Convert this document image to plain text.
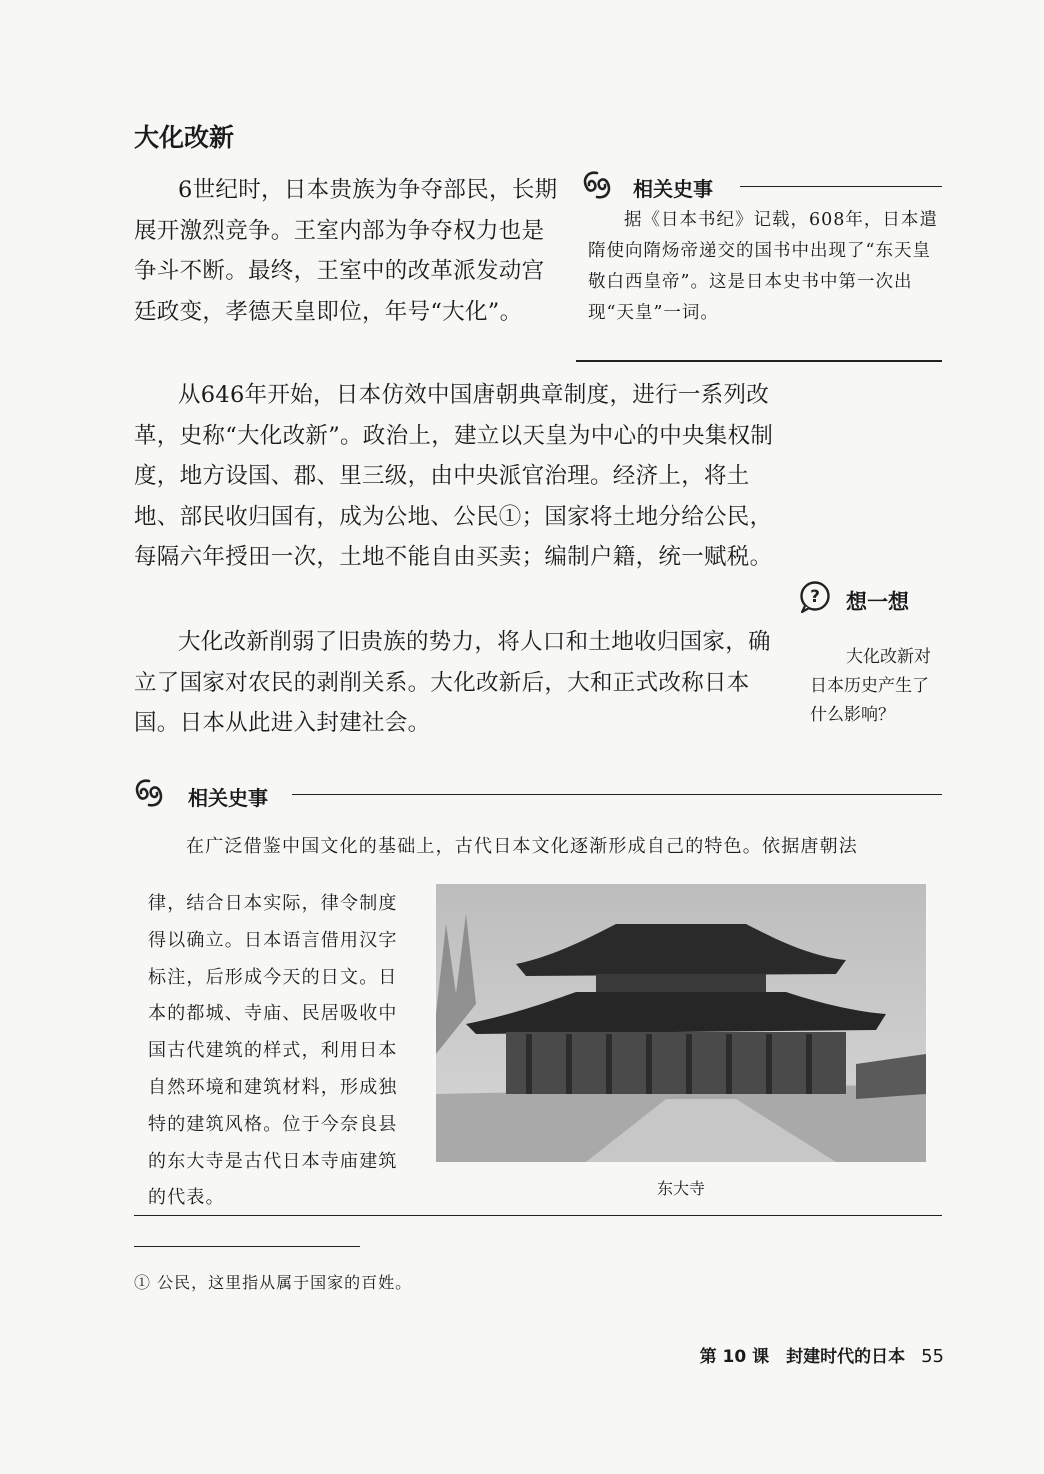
大化改新

6世纪时，日本贵族为争夺部民，长期展开激烈竞争。王室内部为争夺权力也是争斗不断。最终，王室中的改革派发动宫廷政变，孝德天皇即位，年号“大化”。

从646年开始，日本仿效中国唐朝典章制度，进行一系列改革，史称“大化改新”。政治上，建立以天皇为中心的中央集权制度，地方设国、郡、里三级，由中央派官治理。经济上，将土地、部民收归国有，成为公地、公民①；国家将土地分给公民，每隔六年授田一次，土地不能自由买卖；编制户籍，统一赋税。

大化改新削弱了旧贵族的势力，将人口和土地收归国家，确立了国家对农民的剥削关系。大化改新后，大和正式改称日本国。日本从此进入封建社会。

相关史事

据《日本书纪》记载，608年，日本遣隋使向隋炀帝递交的国书中出现了“东天皇敬白西皇帝”。这是日本史书中第一次出现“天皇”一词。

? 想一想

大化改新对日本历史产生了什么影响？

相关史事
在广泛借鉴中国文化的基础上，古代日本文化逐渐形成自己的特色。依据唐朝法

律，结合日本实际，律令制度得以确立。日本语言借用汉字标注，后形成今天的日文。日本的都城、寺庙、民居吸收中国古代建筑的样式，利用日本自然环境和建筑材料，形成独特的建筑风格。位于今奈良县的东大寺是古代日本寺庙建筑的代表。	东大寺
① 公民，这里指从属于国家的百姓。
第 10 课　封建时代的日本 55
